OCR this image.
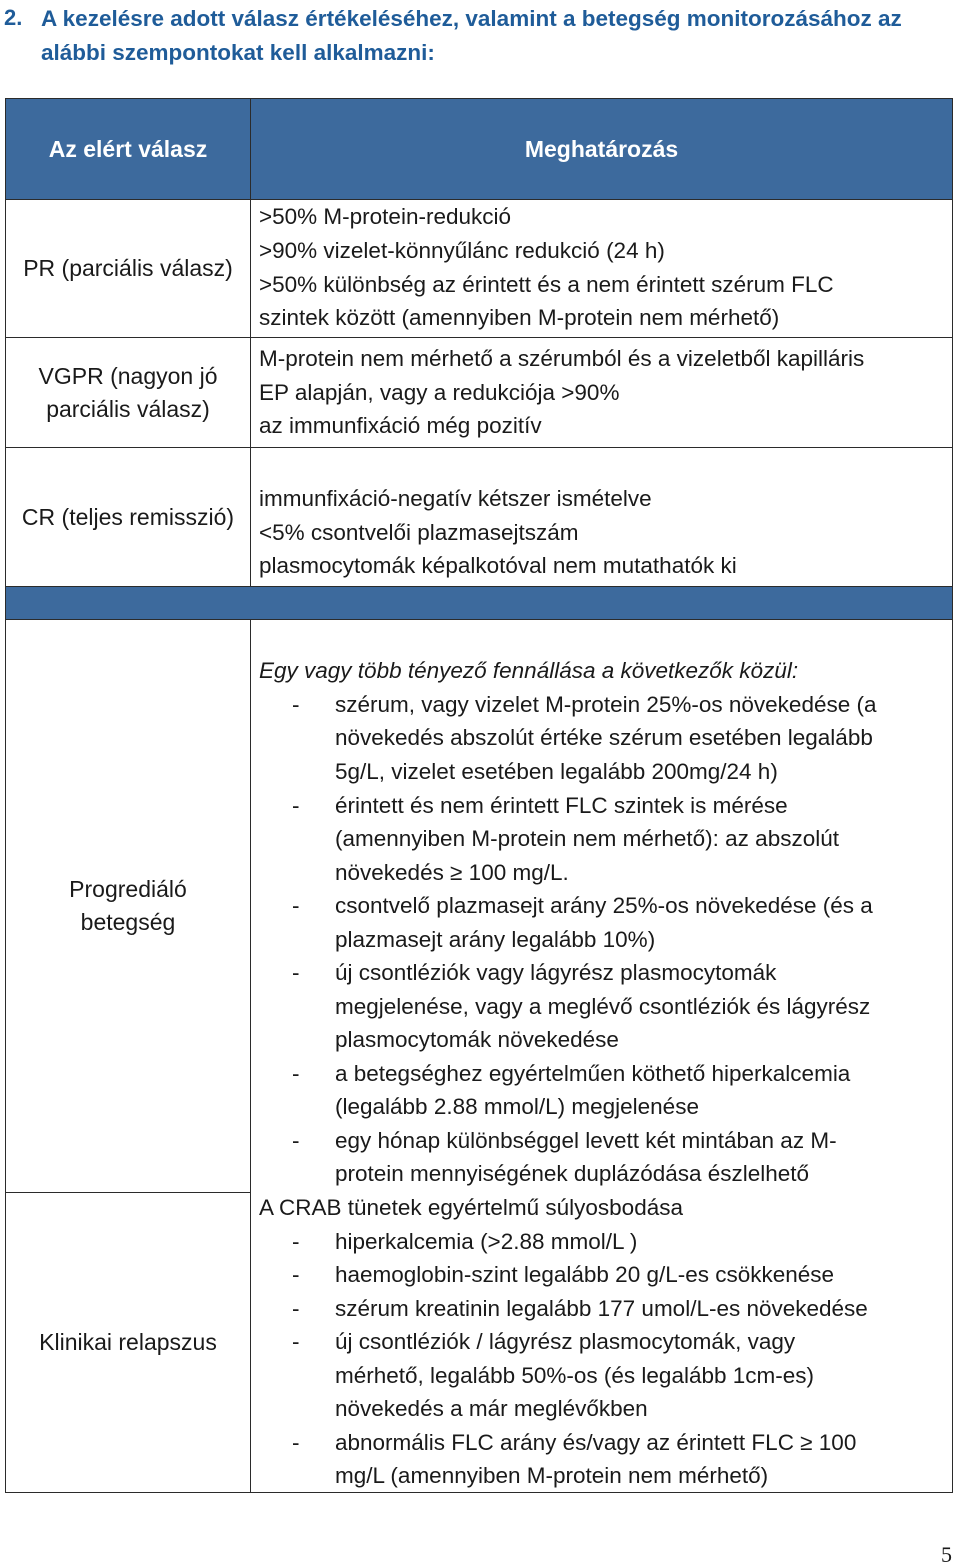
2. A kezelésre adott válasz értékeléséhez, valamint a betegség monitorozásához az
alábbi szempontokat kell alkalmazni:
Az elért válasz	Meghatározás
PR (parciális válasz)
VGPR (nagyon jó
parciális válasz)
CR (teljes remisszió)
Progrediáló
betegség
Klinikai relapszus
>50% M-protein-redukció
>90% vizelet-könnyűlánc redukció (24 h)
>50% különbség az érintett és a nem érintett szérum FLC
szintek között (amennyiben M-protein nem mérhető)
M-protein nem mérhető a szérumból és a vizeletből kapilláris
EP alapján, vagy a redukciója >90%
az immunfixáció még pozitív
immunfixáció-negatív kétszer ismételve
<5% csontvelői plazmasejtszám
plasmocytomák képalkotóval nem mutathatók ki
Egy vagy több tényező fennállása a következők közül:
- szérum, vagy vizelet M-protein 25%-os növekedése (a
növekedés abszolút értéke szérum esetében legalább
5g/L, vizelet esetében legalább 200mg/24 h)
- érintett és nem érintett FLC szintek is mérése
(amennyiben M-protein nem mérhető): az abszolút
növekedés ≥ 100 mg/L.
- csontvelő plazmasejt arány 25%-os növekedése (és a
plazmasejt arány legalább 10%)
- új csontléziók vagy lágyrész plasmocytomák
megjelenése, vagy a meglévő csontléziók és lágyrész
plasmocytomák növekedése
- a betegséghez egyértelműen köthető hiperkalcemia
(legalább 2.88 mmol/L) megjelenése
- egy hónap különbséggel levett két mintában az M-
protein mennyiségének duplázódása észlelhető
A CRAB tünetek egyértelmű súlyosbodása
- hiperkalcemia (>2.88 mmol/L )
- haemoglobin-szint legalább 20 g/L-es csökkenése
- szérum kreatinin legalább 177 umol/L-es növekedése
- új csontléziók / lágyrész plasmocytomák, vagy
mérhető, legalább 50%-os (és legalább 1cm-es)
növekedés a már meglévőkben
- abnormális FLC arány és/vagy az érintett FLC ≥ 100
mg/L (amennyiben M-protein nem mérhető)
5
